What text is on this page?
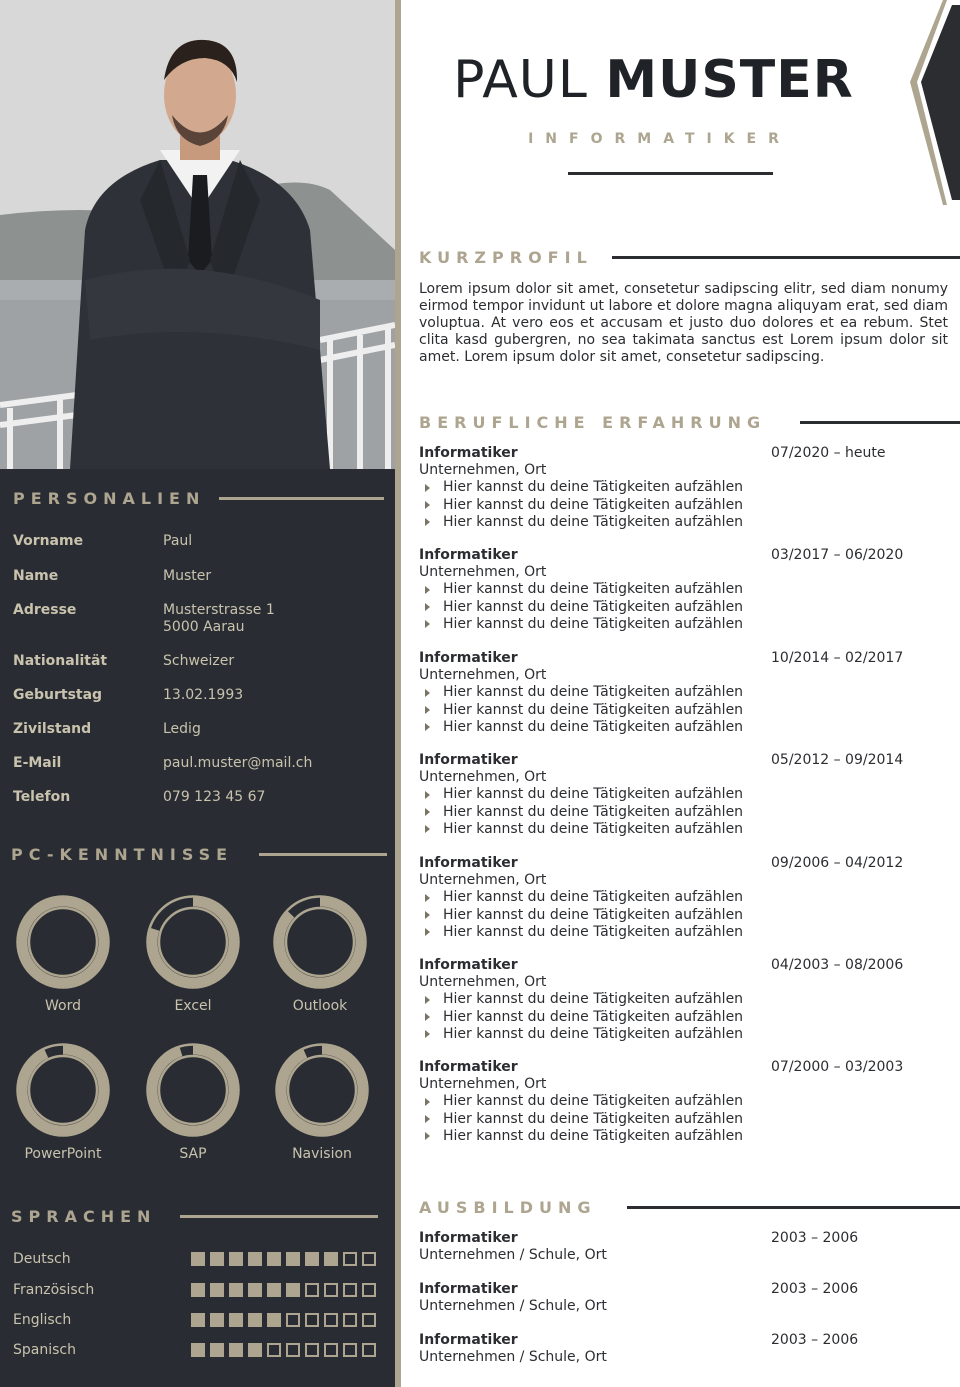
PERSONALIEN
Vorname	Paul
Name	Muster
Adresse	Musterstrasse 1
5000 Aarau
Nationalität	Schweizer
Geburtstag	13.02.1993
Zivilstand	Ledig
E-Mail	paul.muster@mail.ch
Telefon	079 123 45 67
PC-KENNTNISSE
Word	Excel	Outlook
PowerPoint	SAP	Navision
SPRACHEN
Deutsch
Französisch
Englisch
Spanisch
PAUL MUSTER
INFORMATIKER
KURZPROFIL
Lorem ipsum dolor sit amet, consetetur sadipscing elitr, sed diam nonumy eirmod tempor invidunt ut labore et dolore magna aliquyam erat, sed diam voluptua. At vero eos et accusam et justo duo dolores et ea rebum. Stet clita kasd gubergren, no sea takimata sanctus est Lorem ipsum dolor sit amet. Lorem ipsum dolor sit amet, consetetur sadipscing.
BERUFLICHE ERFAHRUNG
Informatiker	07/2020 – heute
Unternehmen, Ort
Hier kannst du deine Tätigkeiten aufzählen
Hier kannst du deine Tätigkeiten aufzählen
Hier kannst du deine Tätigkeiten aufzählen
Informatiker	03/2017 – 06/2020
Unternehmen, Ort
Hier kannst du deine Tätigkeiten aufzählen
Hier kannst du deine Tätigkeiten aufzählen
Hier kannst du deine Tätigkeiten aufzählen
Informatiker	10/2014 – 02/2017
Unternehmen, Ort
Hier kannst du deine Tätigkeiten aufzählen
Hier kannst du deine Tätigkeiten aufzählen
Hier kannst du deine Tätigkeiten aufzählen
Informatiker	05/2012 – 09/2014
Unternehmen, Ort
Hier kannst du deine Tätigkeiten aufzählen
Hier kannst du deine Tätigkeiten aufzählen
Hier kannst du deine Tätigkeiten aufzählen
Informatiker	09/2006 – 04/2012
Unternehmen, Ort
Hier kannst du deine Tätigkeiten aufzählen
Hier kannst du deine Tätigkeiten aufzählen
Hier kannst du deine Tätigkeiten aufzählen
Informatiker	04/2003 – 08/2006
Unternehmen, Ort
Hier kannst du deine Tätigkeiten aufzählen
Hier kannst du deine Tätigkeiten aufzählen
Hier kannst du deine Tätigkeiten aufzählen
Informatiker	07/2000 – 03/2003
Unternehmen, Ort
Hier kannst du deine Tätigkeiten aufzählen
Hier kannst du deine Tätigkeiten aufzählen
Hier kannst du deine Tätigkeiten aufzählen
AUSBILDUNG
Informatiker	2003 – 2006
Unternehmen / Schule, Ort
Informatiker	2003 – 2006
Unternehmen / Schule, Ort
Informatiker	2003 – 2006
Unternehmen / Schule, Ort
